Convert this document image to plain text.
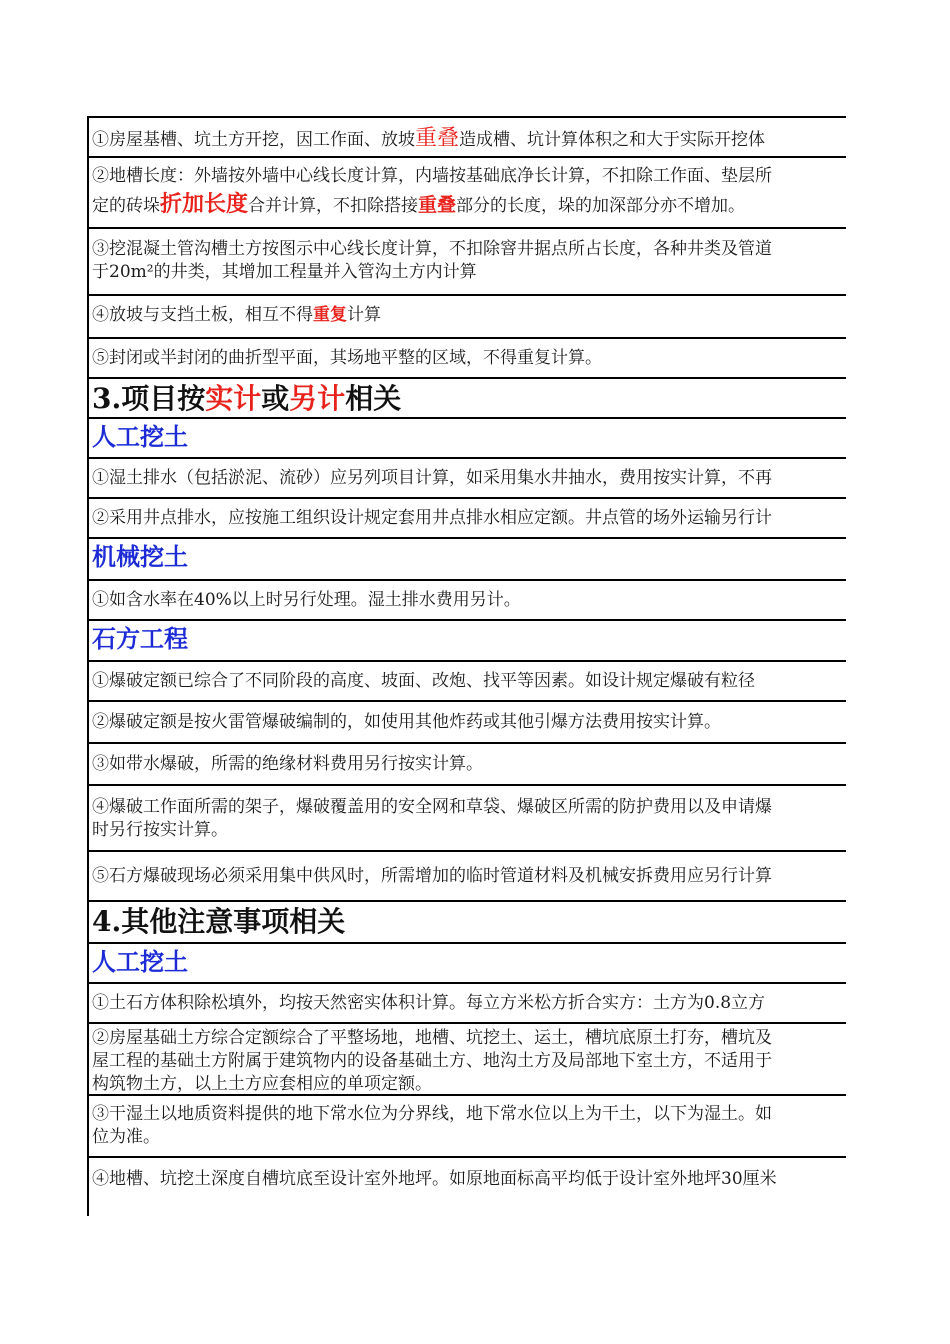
①房屋基槽、坑土方开挖，因工作面、放坡重叠造成槽、坑计算体积之和大于实际开挖体
②地槽长度：外墙按外墙中心线长度计算，内墙按基础底净长计算，不扣除工作面、垫层所
定的砖垛折加长度合并计算，不扣除搭接重叠部分的长度，垛的加深部分亦不增加。
③挖混凝土管沟槽土方按图示中心线长度计算，不扣除窨井据点所占长度，各种井类及管道
于20m²的井类，其增加工程量并入管沟土方内计算
④放坡与支挡土板，相互不得重复计算
⑤封闭或半封闭的曲折型平面，其场地平整的区域，不得重复计算。
3.项目按实计或另计相关
人工挖土
①湿土排水（包括淤泥、流砂）应另列项目计算，如采用集水井抽水，费用按实计算，不再
②采用井点排水，应按施工组织设计规定套用井点排水相应定额。井点管的场外运输另行计
机械挖土
①如含水率在40%以上时另行处理。湿土排水费用另计。
石方工程
①爆破定额已综合了不同阶段的高度、坡面、改炮、找平等因素。如设计规定爆破有粒径
②爆破定额是按火雷管爆破编制的，如使用其他炸药或其他引爆方法费用按实计算。
③如带水爆破，所需的绝缘材料费用另行按实计算。
④爆破工作面所需的架子，爆破覆盖用的安全网和草袋、爆破区所需的防护费用以及申请爆
时另行按实计算。
⑤石方爆破现场必须采用集中供风时，所需增加的临时管道材料及机械安拆费用应另行计算
4.其他注意事项相关
人工挖土
①土石方体积除松填外，均按天然密实体积计算。每立方米松方折合实方：土方为0.8立方
②房屋基础土方综合定额综合了平整场地，地槽、坑挖土、运土，槽坑底原土打夯，槽坑及
屋工程的基础土方附属于建筑物内的设备基础土方、地沟土方及局部地下室土方，不适用于
构筑物土方，以上土方应套相应的单项定额。
③干湿土以地质资料提供的地下常水位为分界线，地下常水位以上为干土，以下为湿土。如
位为准。
④地槽、坑挖土深度自槽坑底至设计室外地坪。如原地面标高平均低于设计室外地坪30厘米
